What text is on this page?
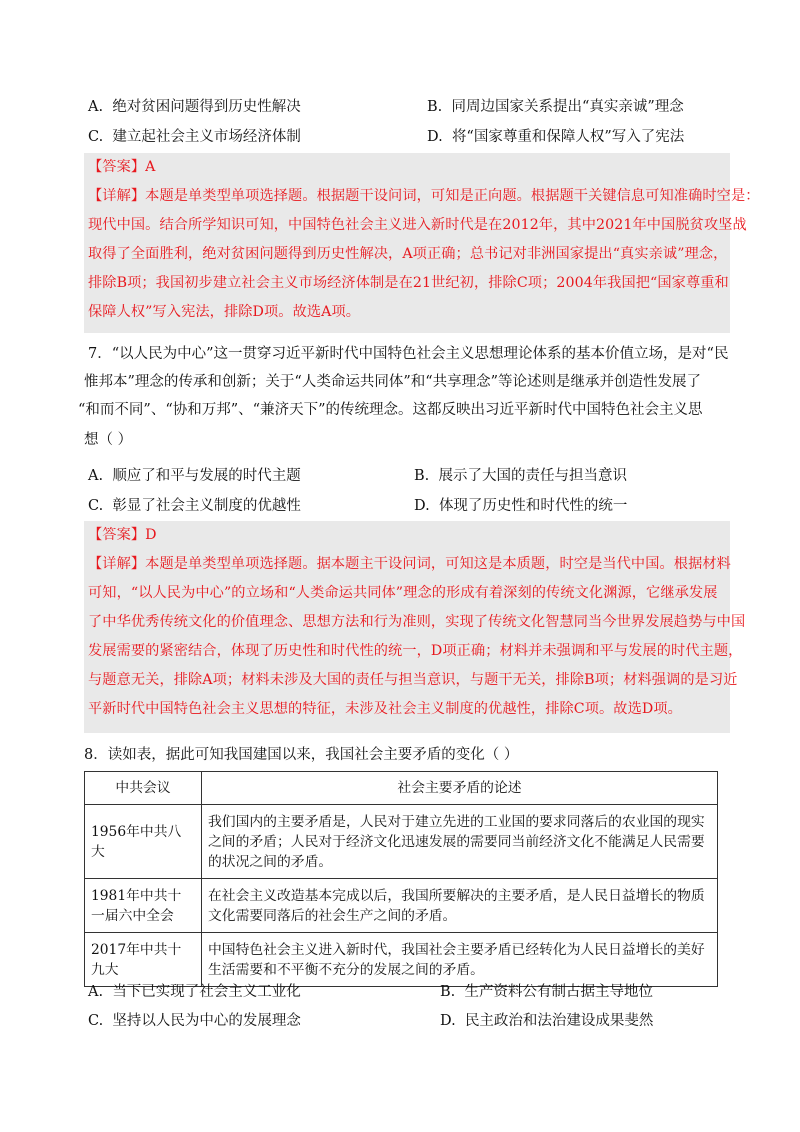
A. 绝对贫困问题得到历史性解决	B. 同周边国家关系提出“真实亲诚”理念
C. 建立起社会主义市场经济体制	D. 将“国家尊重和保障人权”写入了宪法
【答案】A
【详解】本题是单类型单项选择题。根据题干设问词，可知是正向题。根据题干关键信息可知准确时空是：
现代中国。结合所学知识可知，中国特色社会主义进入新时代是在2012年，其中2021年中国脱贫攻坚战
取得了全面胜利，绝对贫困问题得到历史性解决，A项正确；总书记对非洲国家提出“真实亲诚”理念，
排除B项；我国初步建立社会主义市场经济体制是在21世纪初，排除C项；2004年我国把“国家尊重和
保障人权”写入宪法，排除D项。故选A项。
7．“以人民为中心”这一贯穿习近平新时代中国特色社会主义思想理论体系的基本价值立场，是对“民
惟邦本”理念的传承和创新；关于“人类命运共同体”和“共享理念”等论述则是继承并创造性发展了
“和而不同”、“协和万邦”、“兼济天下”的传统理念。这都反映出习近平新时代中国特色社会主义思
想（ ）
A. 顺应了和平与发展的时代主题	B. 展示了大国的责任与担当意识
C. 彰显了社会主义制度的优越性	D. 体现了历史性和时代性的统一
【答案】D
【详解】本题是单类型单项选择题。据本题主干设问词，可知这是本质题，时空是当代中国。根据材料
可知，“以人民为中心”的立场和“人类命运共同体”理念的形成有着深刻的传统文化渊源，它继承发展
了中华优秀传统文化的价值理念、思想方法和行为准则，实现了传统文化智慧同当今世界发展趋势与中国
发展需要的紧密结合，体现了历史性和时代性的统一，D项正确；材料并未强调和平与发展的时代主题，
与题意无关，排除A项；材料未涉及大国的责任与担当意识，与题干无关，排除B项；材料强调的是习近
平新时代中国特色社会主义思想的特征，未涉及社会主义制度的优越性，排除C项。故选D项。
8．读如表，据此可知我国建国以来，我国社会主要矛盾的变化（ ）
中共会议	社会主要矛盾的论述
1956年中共八大	我们国内的主要矛盾是，人民对于建立先进的工业国的要求同落后的农业国的现实之间的矛盾；人民对于经济文化迅速发展的需要同当前经济文化不能满足人民需要的状况之间的矛盾。
1981年中共十一届六中全会	在社会主义改造基本完成以后，我国所要解决的主要矛盾，是人民日益增长的物质文化需要同落后的社会生产之间的矛盾。
2017年中共十九大	中国特色社会主义进入新时代，我国社会主要矛盾已经转化为人民日益增长的美好生活需要和不平衡不充分的发展之间的矛盾。
A. 当下已实现了社会主义工业化	B. 生产资料公有制占据主导地位
C. 坚持以人民为中心的发展理念	D. 民主政治和法治建设成果斐然
